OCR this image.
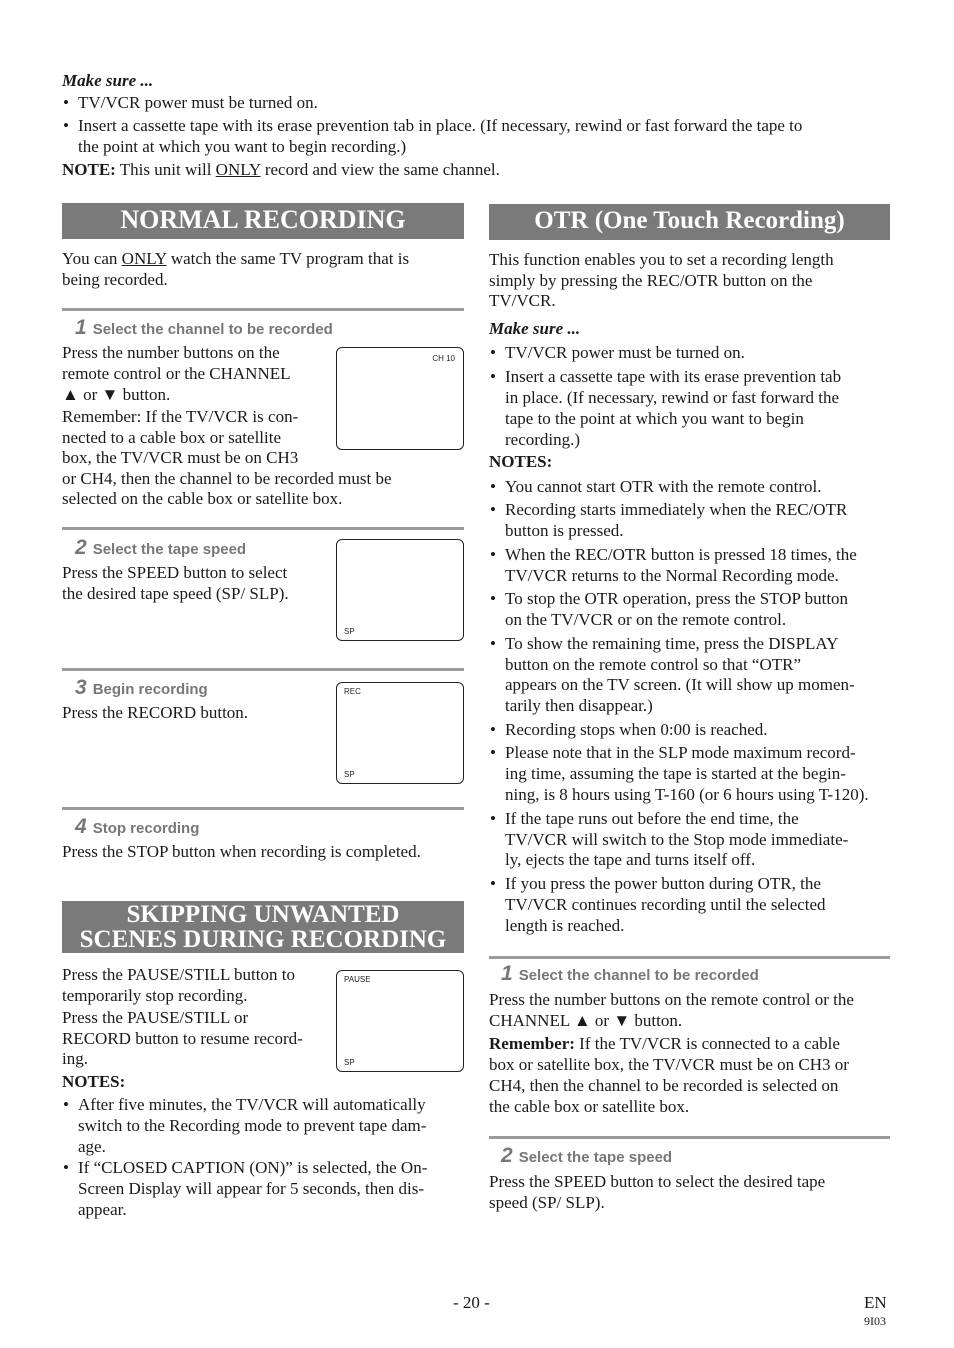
Make sure ...
• TV/VCR power must be turned on.
• Insert a cassette tape with its erase prevention tab in place. (If necessary, rewind or fast forward the tape to
the point at which you want to begin recording.)
NOTE: This unit will ONLY record and view the same channel.
NORMAL RECORDING
You can ONLY watch the same TV program that is
being recorded.
1 Select the channel to be recorded
Press the number buttons on the
remote control or the CHANNEL
▲ or ▼ button.
Remember: If the TV/VCR is con-
nected to a cable box or satellite
box, the TV/VCR must be on CH3
or CH4, then the channel to be recorded must be
selected on the cable box or satellite box.
CH 10
2 Select the tape speed
Press the SPEED button to select
the desired tape speed (SP/ SLP).
SP
3 Begin recording
Press the RECORD button.
REC
SP
4 Stop recording
Press the STOP button when recording is completed.
SKIPPING UNWANTED
SCENES DURING RECORDING
Press the PAUSE/STILL button to
temporarily stop recording.
Press the PAUSE/STILL or
RECORD button to resume record-
ing.
NOTES:
• After five minutes, the TV/VCR will automatically
switch to the Recording mode to prevent tape dam-
age.
• If “CLOSED CAPTION (ON)” is selected, the On-
Screen Display will appear for 5 seconds, then dis-
appear.
PAUSE
SP
OTR (One Touch Recording)
This function enables you to set a recording length
simply by pressing the REC/OTR button on the
TV/VCR.
Make sure ...
• TV/VCR power must be turned on.
• Insert a cassette tape with its erase prevention tab
in place. (If necessary, rewind or fast forward the
tape to the point at which you want to begin
recording.)
NOTES:
• You cannot start OTR with the remote control.
• Recording starts immediately when the REC/OTR
button is pressed.
• When the REC/OTR button is pressed 18 times, the
TV/VCR returns to the Normal Recording mode.
• To stop the OTR operation, press the STOP button
on the TV/VCR or on the remote control.
• To show the remaining time, press the DISPLAY
button on the remote control so that “OTR”
appears on the TV screen. (It will show up momen-
tarily then disappear.)
• Recording stops when 0:00 is reached.
• Please note that in the SLP mode maximum record-
ing time, assuming the tape is started at the begin-
ning, is 8 hours using T-160 (or 6 hours using T-120).
• If the tape runs out before the end time, the
TV/VCR will switch to the Stop mode immediate-
ly, ejects the tape and turns itself off.
• If you press the power button during OTR, the
TV/VCR continues recording until the selected
length is reached.
1 Select the channel to be recorded
Press the number buttons on the remote control or the
CHANNEL ▲ or ▼ button.
Remember: If the TV/VCR is connected to a cable
box or satellite box, the TV/VCR must be on CH3 or
CH4, then the channel to be recorded is selected on
the cable box or satellite box.
2 Select the tape speed
Press the SPEED button to select the desired tape
speed (SP/ SLP).
- 20 -	EN
9I03
